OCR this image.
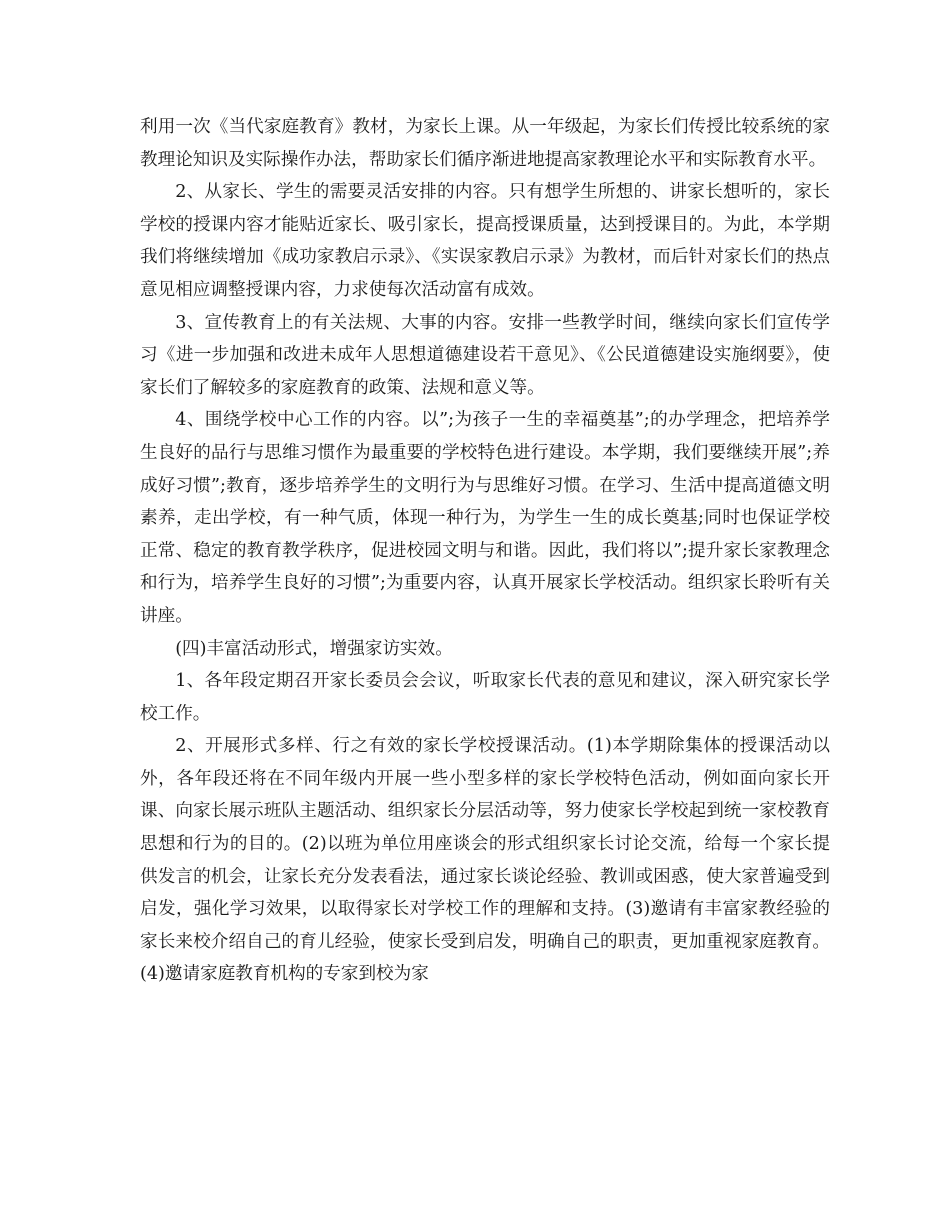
利用一次《当代家庭教育》教材，为家长上课。从一年级起，为家长们传授比较系统的家教理论知识及实际操作办法，帮助家长们循序渐进地提高家教理论水平和实际教育水平。

2、从家长、学生的需要灵活安排的内容。只有想学生所想的、讲家长想听的，家长学校的授课内容才能贴近家长、吸引家长，提高授课质量，达到授课目的。为此，本学期我们将继续增加《成功家教启示录》、《实误家教启示录》为教材，而后针对家长们的热点意见相应调整授课内容，力求使每次活动富有成效。

3、宣传教育上的有关法规、大事的内容。安排一些教学时间，继续向家长们宣传学习《进一步加强和改进未成年人思想道德建设若干意见》、《公民道德建设实施纲要》，使家长们了解较多的家庭教育的政策、法规和意义等。

4、围绕学校中心工作的内容。以”;为孩子一生的幸福奠基”;的办学理念，把培养学生良好的品行与思维习惯作为最重要的学校特色进行建设。本学期，我们要继续开展”;养成好习惯”;教育，逐步培养学生的文明行为与思维好习惯。在学习、生活中提高道德文明素养，走出学校，有一种气质，体现一种行为，为学生一生的成长奠基;同时也保证学校正常、稳定的教育教学秩序，促进校园文明与和谐。因此，我们将以”;提升家长家教理念和行为，培养学生良好的习惯”;为重要内容，认真开展家长学校活动。组织家长聆听有关讲座。

(四)丰富活动形式，增强家访实效。

1、各年段定期召开家长委员会会议，听取家长代表的意见和建议，深入研究家长学校工作。

2、开展形式多样、行之有效的家长学校授课活动。(1)本学期除集体的授课活动以外，各年段还将在不同年级内开展一些小型多样的家长学校特色活动，例如面向家长开课、向家长展示班队主题活动、组织家长分层活动等，努力使家长学校起到统一家校教育思想和行为的目的。(2)以班为单位用座谈会的形式组织家长讨论交流，给每一个家长提供发言的机会，让家长充分发表看法，通过家长谈论经验、教训或困惑，使大家普遍受到启发，强化学习效果，以取得家长对学校工作的理解和支持。(3)邀请有丰富家教经验的家长来校介绍自己的育儿经验，使家长受到启发，明确自己的职责，更加重视家庭教育。(4)邀请家庭教育机构的专家到校为家
